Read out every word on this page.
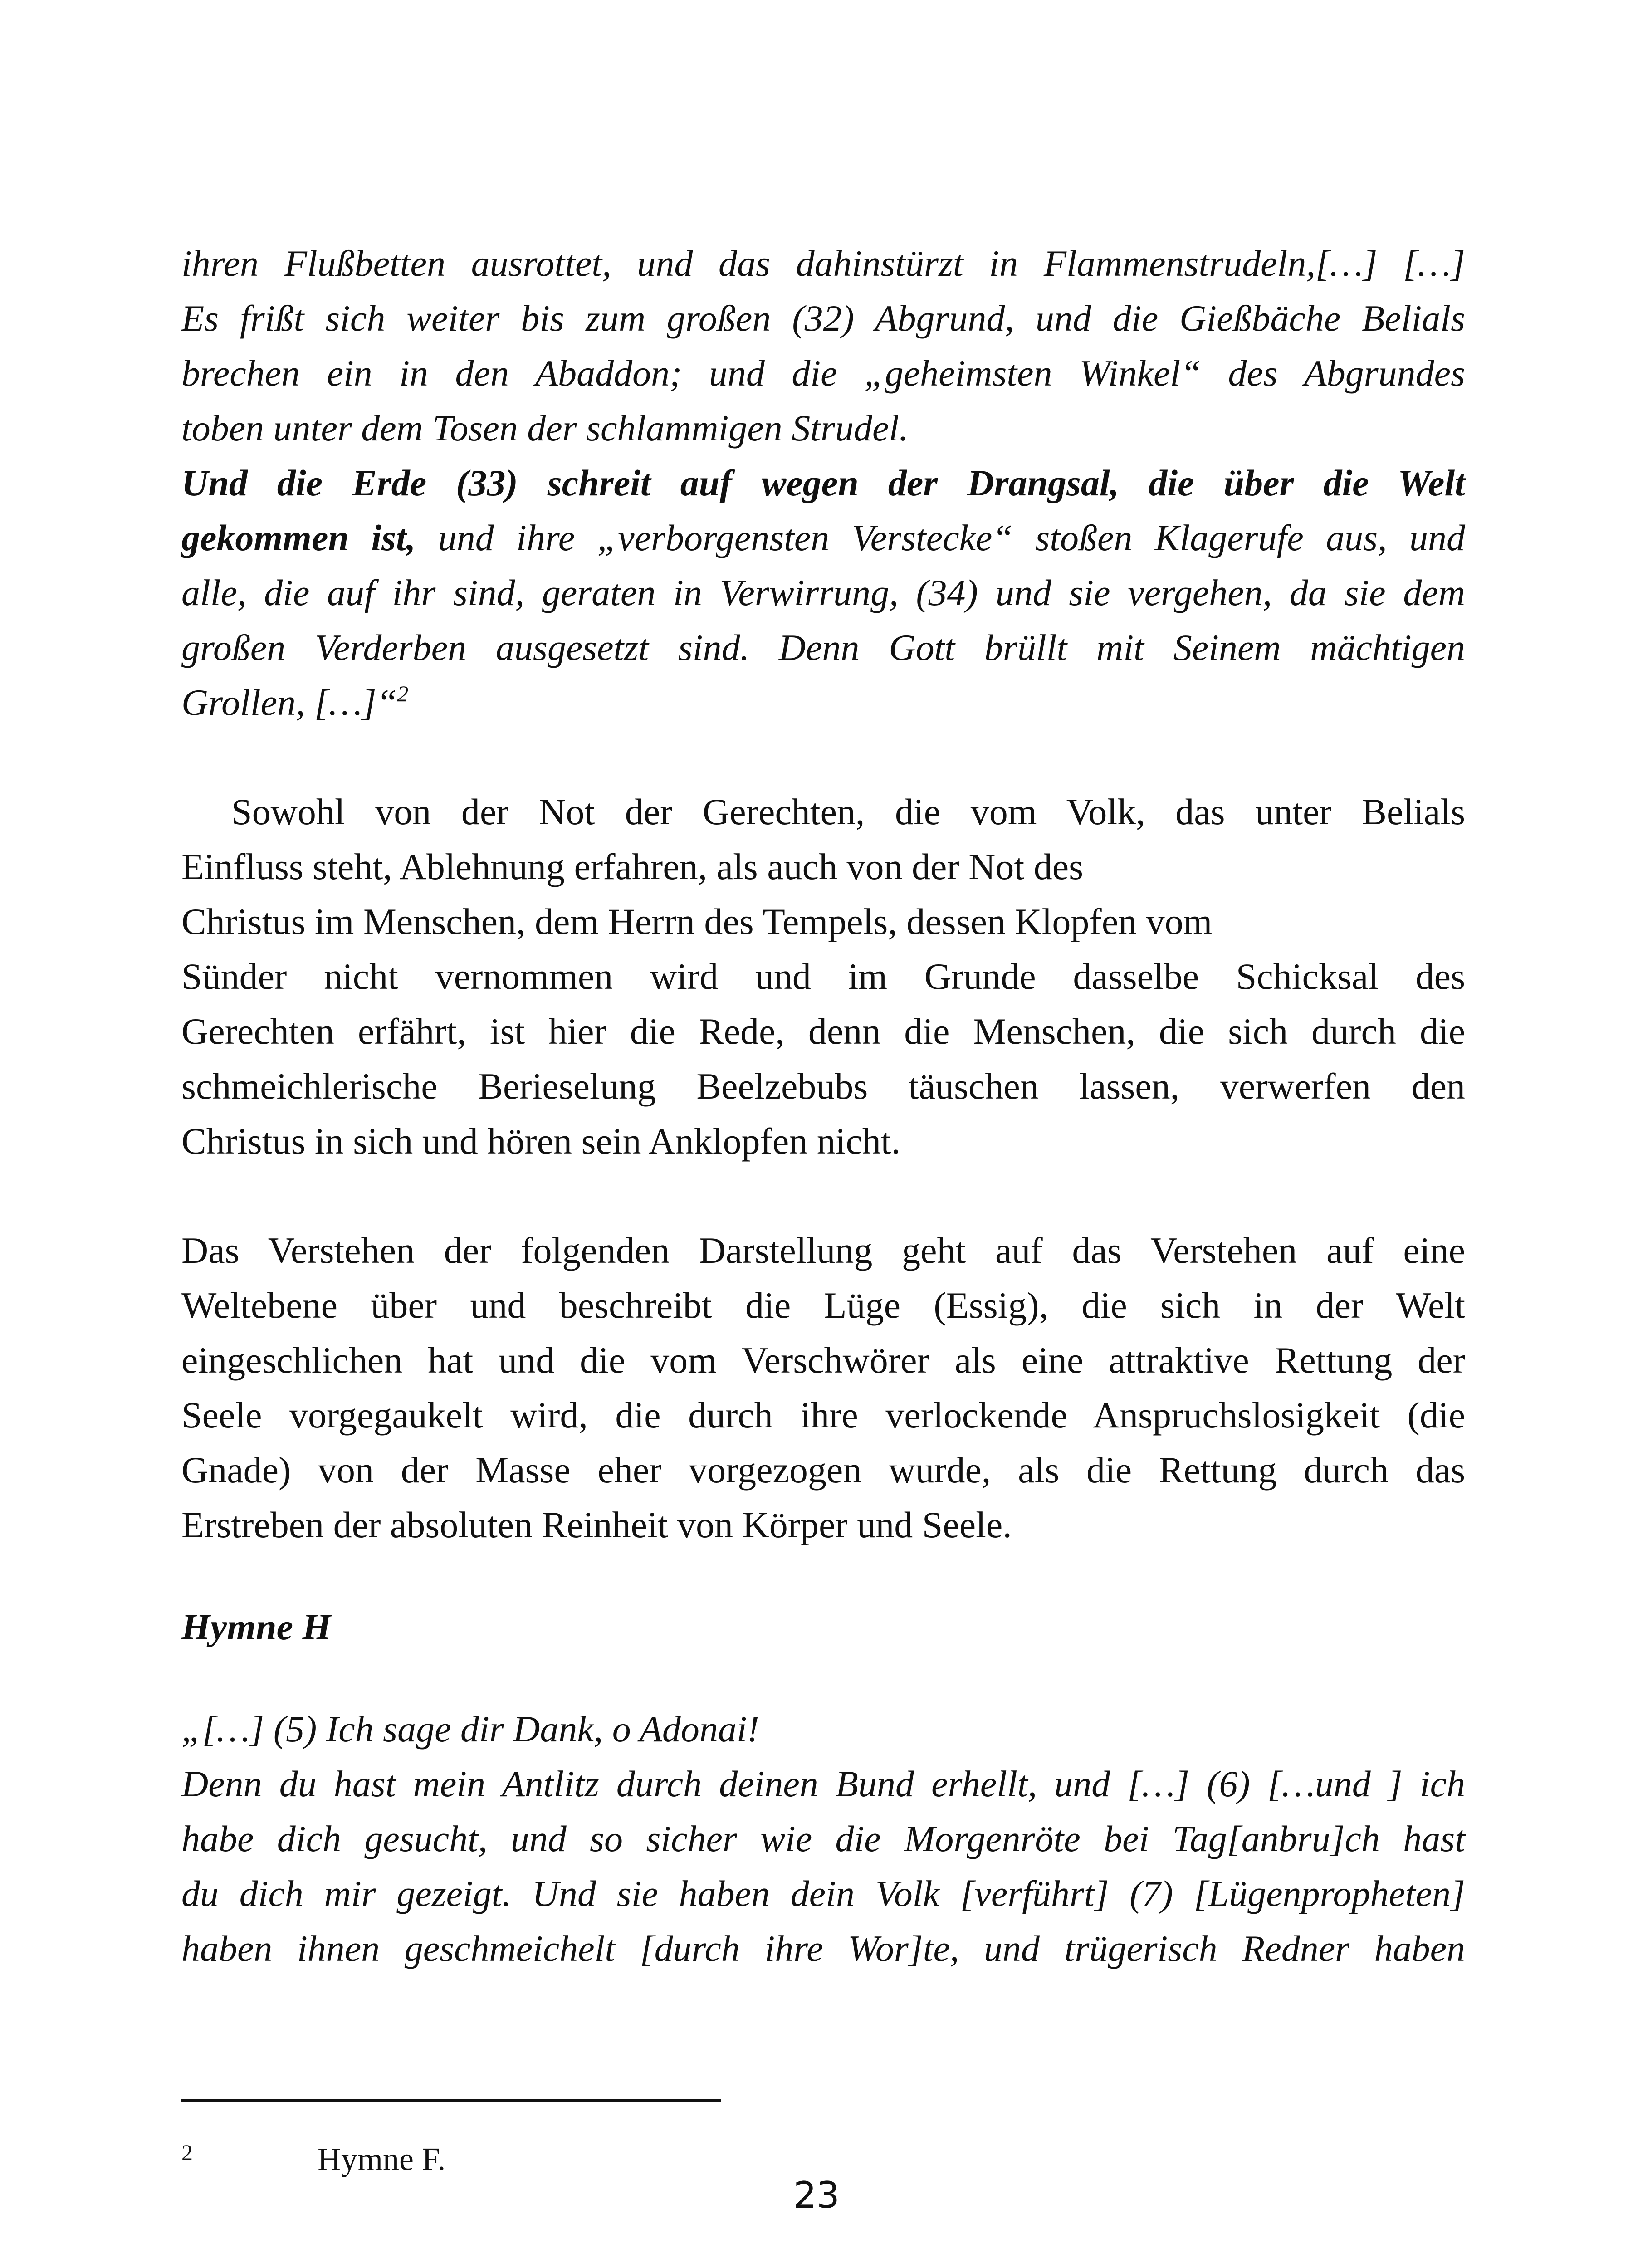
ihren Flußbetten ausrottet, und das dahinstürzt in Flammenstrudeln,[…] […]
Es frißt sich weiter bis zum großen (32) Abgrund, und die Gießbäche Belials
brechen ein in den Abaddon; und die „geheimsten Winkel“ des Abgrundes
toben unter dem Tosen der schlammigen Strudel.
Und die Erde (33) schreit auf wegen der Drangsal, die über die Welt
gekommen ist, und ihre „verborgensten Verstecke“ stoßen Klagerufe aus, und
alle, die auf ihr sind, geraten in Verwirrung, (34) und sie vergehen, da sie dem
großen Verderben ausgesetzt sind. Denn Gott brüllt mit Seinem mächtigen
Grollen, […]“$^2$
Sowohl von der Not der Gerechten, die vom Volk, das unter Belials
Einfluss steht, Ablehnung erfahren, als auch von der Not des
Christus im Menschen, dem Herrn des Tempels, dessen Klopfen vom
Sünder nicht vernommen wird und im Grunde dasselbe Schicksal des
Gerechten erfährt, ist hier die Rede, denn die Menschen, die sich durch die
schmeichlerische Berieselung Beelzebubs täuschen lassen, verwerfen den
Christus in sich und hören sein Anklopfen nicht.
Das Verstehen der folgenden Darstellung geht auf das Verstehen auf eine
Weltebene über und beschreibt die Lüge (Essig), die sich in der Welt
eingeschlichen hat und die vom Verschwörer als eine attraktive Rettung der
Seele vorgegaukelt wird, die durch ihre verlockende Anspruchslosigkeit (die
Gnade) von der Masse eher vorgezogen wurde, als die Rettung durch das
Erstreben der absoluten Reinheit von Körper und Seele.
Hymne H
„[…] (5) Ich sage dir Dank, o Adonai!
Denn du hast mein Antlitz durch deinen Bund erhellt, und […] (6) […und ] ich
habe dich gesucht, und so sicher wie die Morgenröte bei Tag[anbru]ch hast
du dich mir gezeigt. Und sie haben dein Volk [verführt] (7) [Lügenpropheten]
haben ihnen geschmeichelt [durch ihre Wor]te, und trügerisch Redner haben
2	Hymne F.
23
